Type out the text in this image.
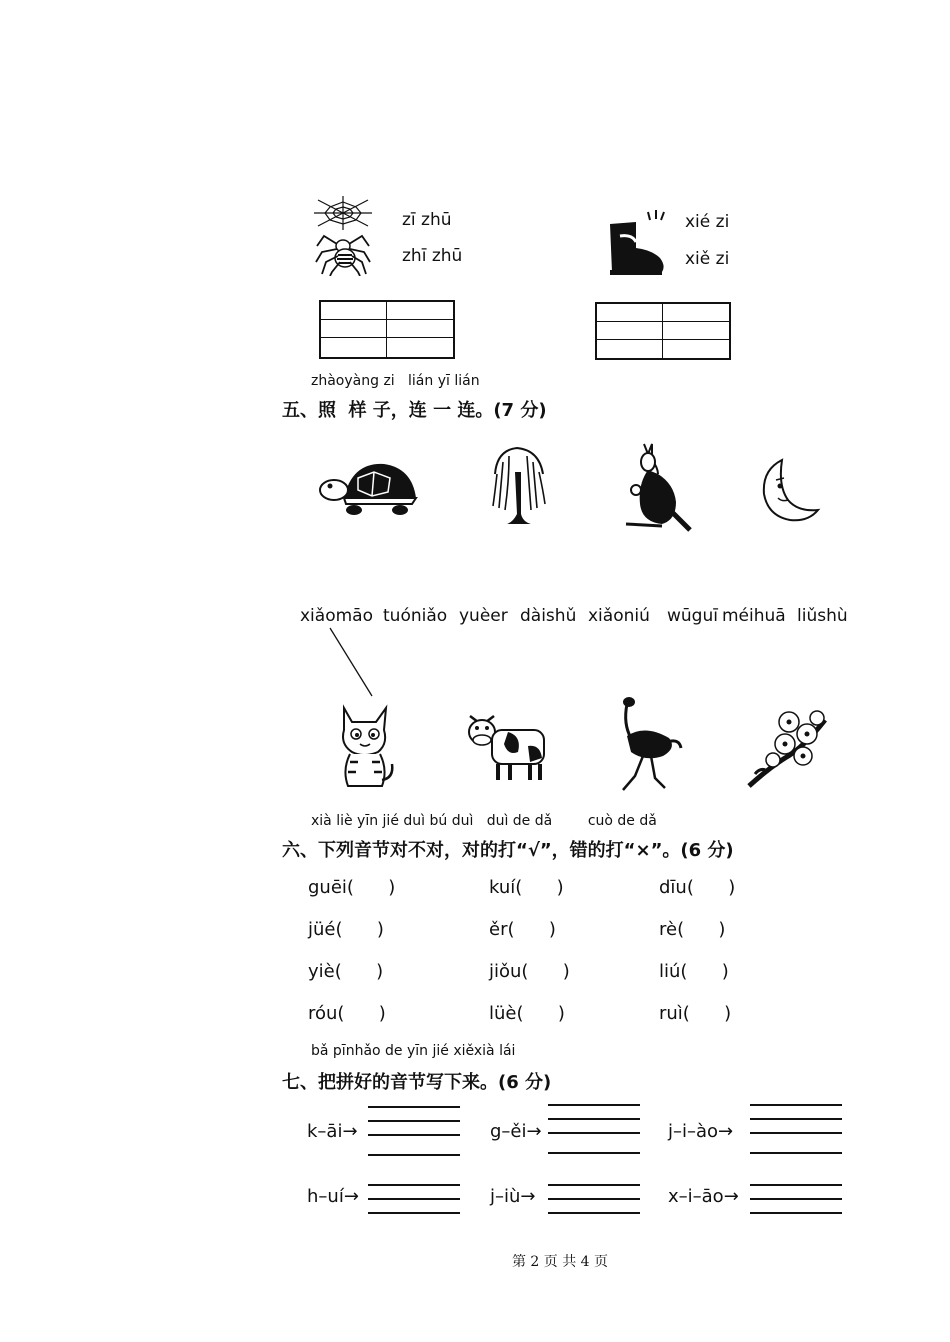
zī zhū
zhī zhū
xié zi
xiě zi
zhàoyàng zi   lián yī lián
五、照  样 子，连 一 连。(7 分)
xiǎomāo tuóniǎo yuèer dàishǔ xiǎoniú wūguī méihuā liǔshù
xià liè yīn jié duì bú duì   duì de dǎ        cuò de dǎ
六、下列音节对不对，对的打“√”，错的打“×”。(6 分)
guēi(      )	kuí(      )	dīu(      )
jüé(      )	ěr(      )	rè(      )
yiè(      )	jiǒu(      )	liú(      )
róu(      )	lüè(      )	ruì(      )
bǎ pīnhǎo de yīn jié xiěxià lái
七、把拼好的音节写下来。(6 分)
k–āi→	g–ěi→	j–i–ào→
h–uí→	j–iù→	x–i–āo→
第 2 页 共 4 页
